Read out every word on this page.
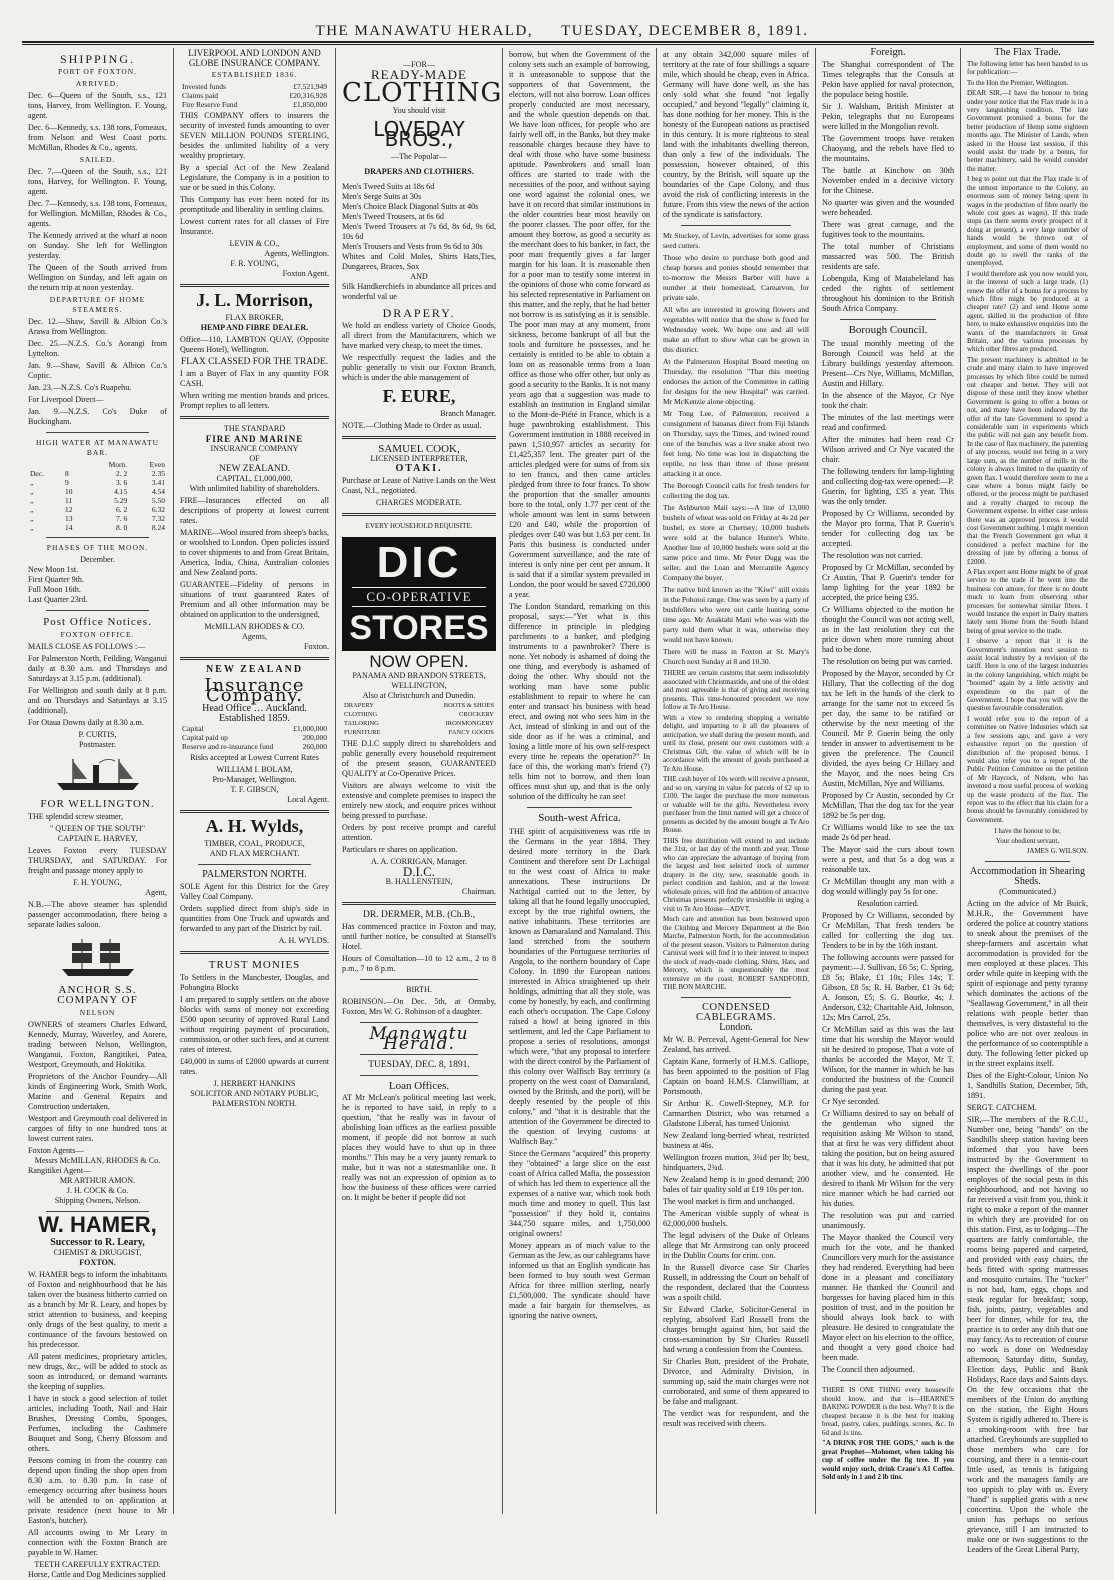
THE MANAWATU HERALD, TUESDAY, DECEMBER 8, 1891.
SHIPPING.
PORT OF FOXTON.
ARRIVED.

Dec. 6—Queen of the South, s.s., 121 tons, Harvey, from Wellington. F. Young, agent.

Dec. 6—Kennedy, s.s. 138 tons, Forneaux, from Nelson and West Coast ports. McMillan, Rhodes & Co., agents.

SAILED.

Dec. 7.—Queen of the South, s.s., 121 tons, Harvey, for Wellington. F. Young, agent.

Dec. 7—Kennedy, s.s. 138 tons, Forneaux, for Wellington. McMillan, Rhodes & Co., agents.

The Kennedy arrived at the wharf at noon on Sunday. She left for Wellington yesterday.

The Queen of the South arrived from Wellington on Sunday, and left again on the return trip at noon yesterday.

DEPARTURE OF HOME STEAMERS.

Dec. 12.—Shaw, Savill & Albion Co.'s Arawa from Wellington.

Dec. 25.—N.Z.S. Co.'s Aorangi from Lyttelton.

Jan. 9.—Shaw, Savill & Albion Co.'s Coptic.

Jan. 23.—N.Z.S. Co's Ruapehu.

For Liverpool Direct—

Jan. 9.—N.Z.S. Co's Duke of Buckingham.

HIGH WATER AT MANAWATU BAR.
		Morn.	Even
Dec.	8	2. 2	2.35
„	9	3. 6	3.41
„	10	4.15	4.54
„	11	5.29	5.50
„	12	6. 2	6.32
„	13	7. 6	7.32
„	14	8. 0	8.24
PHASES OF THE MOON.
December.
New Moon 1st.
First Quarter 9th.
Full Moon 16th.
Last Quarter 23rd.
Post Office Notices.
FOXTON OFFICE.

MAILS CLOSE AS FOLLOWS :—

For Palmerston North, Feilding, Wanganui daily at 8.30 a.m. and Thursdays and Saturdays at 3.15 p.m. (additional).

For Wellington and south daily at 8 p.m. and on Thursdays and Saturdays at 3.15 (additional).

For Otaua Downs daily at 8.30 a.m.

P. CURTIS,
Postmaster.
FOR WELLINGTON.

THE splendid screw steamer,

" QUEEN OF THE SOUTH"
CAPTAIN E. HARVEY,

Leaves Foxton every TUESDAY THURSDAY, and SATURDAY. For freight and passage money apply to

F. H. YOUNG,
Agent,

N.B.—The above steamer has splendid passenger accommodation, there being a separate ladies saloon.

ANCHOR S.S. COMPANY OF
NELSON

OWNERS of steamers Charles Edward, Kennedy, Murray, Waverley, and Aorere, trading between Nelson, Wellington, Wanganui, Foxton, Rangitikei, Patea, Westport, Greymouth, and Hokitika.

Proprietors of the Anchor Foundry—All kinds of Engineering Work, Smith Work, Marine and General Repairs and Construction undertaken.

Westport and Greymouth coal delivered in cargoes of fifty to one hundred tons at lowest current rates.

Foxton Agents—
Messrs McMILLAN, RHODES & Co.
Rangitikei Agent—
MR ARTHUR AMON.
J. H. COCK & Co.
Shipping Owners, Nelson.
W. HAMER,
Successor to R. Leary,
CHEMIST & DRUGGIST,
FOXTON.

W. HAMER begs to inform the inhabitants of Foxton and neighbourhood that he has taken over the business hitherto carried on as a branch by Mr R. Leary, and hopes by strict attention to business, and keeping only drugs of the best quality, to merit a continuance of the favours bestowed on his predecessor.

All patent medicines, proprietary articles, new drugs, &c., will be added to stock as soon as introduced, or demand warrants the keeping of supplies.

I have in stock a good selection of toilet articles, including Tooth, Nail and Hair Brushes, Dressing Combs, Sponges, Perfumes, including the Cashmere Bouquet and Song, Cherry Blossom and others.

Persons coming in from the country can depend upon finding the shop open from 8.30 a.m. to 8.30 p.m. In case of emergency occurring after business hours will be attended to on application at private residence (next house to Mr Easton's, butcher).

All accounts owing to Mr Leary in connection with the Foxton Branch are payable to W. Hamer.

TEETH CAREFULLY EXTRACTED.
Horse, Cattle and Dog Medicines supplied
LIVERPOOL AND LONDON AND GLOBE INSURANCE COMPANY.
ESTABLISHED 1836.
Invested funds	£7,521,949
Claims paid	£20,316,928
Fire Reserve Fund	£1,850,000

THIS COMPANY offers to insurers the security of invested funds amounting to over SEVEN MILLION POUNDS STERLING, besides the unlimited liability of a very wealthy proprietary.

By a special Act of the New Zealand Legislature, the Company is in a position to sue or be sued in this Colony.

This Company has ever been noted for its promptitude and liberality in settling claims.

Lowest current rates for all classes of Fire Insurance.

LEVIN & CO.,
Agents, Wellington.
F. R. YOUNG,
Foxton Agent.
J. L. Morrison,
FLAX BROKER,
HEMP AND FIBRE DEALER.

Office—110, LAMBTON QUAY, (Opposite Queens Hotel), Wellington.

FLAX CLASSED FOR THE TRADE.

I am a Buyer of Flax in any quantity FOR CASH.

When writing me mention brands and prices. Prompt replies to all letters.

THE STANDARD
FIRE AND MARINE
INSURANCE COMPANY
OF
NEW ZEALAND.
CAPITAL, £1,000,000,
With unlimited liability of shareholders.

FIRE—Insurances effected on all descriptions of property at lowest current rates.

MARINE—Wool insured from sheep's backs, or woolshed to London. Open policies issued to cover shipments to and from Great Britain, America, India, China, Australian colonies and New Zealand ports.

GUARANTEE—Fidelity of persons in situations of trust guaranteed Rates of Premium and all other information may be obtained on application to the undersigned,

McMILLAN RHODES & CO.
Agents,
Foxton.
NEW ZEALAND
Insurance Company.
Head Office … Auckland.
Established 1859.
Capital	£1,000,000
Capital paid up	200,000
Reserve and re-insurance fund	260,000

Risks accepted at Lowest Current Rates

WILLIAM I. BOLAM,
Pro-Manager, Wellington.
T. F. GIBSCN,
Local Agent.
A. H. Wylds,
TIMBER, COAL, PRODUCE,
AND FLAX MERCHANT.
PALMERSTON NORTH.

SOLE Agent for this District for the Grey Valley Coal Company.

Orders supplied direct from ship's side in quantities from One Truck and upwards and forwarded to any part of the District by rail.

A. H. WYLDS.
TRUST MONIES

To Settlers in the Manchester, Douglas, and Pohangina Blocks

I am prepared to supply settlers on the above blocks with sums of money not exceeding £500 upon security of approved Rural Land without requiring payment of procuration, commission, or other such fees, and at current rates of interest.

£40,000 in sums of £2000 upwards at current rates.

J. HERBERT HANKINS
SOLICITOR AND NOTARY PUBLIC,
PALMERSTON NORTH.
—FOR—
READY-MADE
CLOTHING
You should visit
LOVEDAY BROS.,
—The Popular—
DRAPERS AND CLOTHIERS.
Men's Tweed Suits at 18s 6d
Men's Serge Suits at 30s
Men's Choice Black Diagonal Suits at 40s
Men's Tweed Trousers, at 6s 6d
Men's Tweed Trousers at 7s 6d, 8s 6d, 9s 6d, 10s 6d
Men's Trousers and Vests from 9s 6d to 30s
Whites and Cold Moles, Shirts Hats,Ties, Dungarees, Braces, Sox
AND
Silk Handkerchiefs in abundance all prices and wonderful val ue
DRAPERY.

We hold an endless variety of Choice Goods, all direct from the Manufacturers, which we have marked very cheap, to meet the times.

We respectfully request the ladies and the public generally to visit our Foxton Branch, which is under the able management of

F. EURE,
Branch Manager.

NOTE.—Clothing Made to Order as usual.

SAMUEL COOK,
LICENSED INTERPRETER,
OTAKI.

Purchase or Lease of Native Lands on the West Coast, N.I., negotiated.

CHARGES MODERATE.
EVERY HOUSEHOLD REQUISITE.
DIC
CO-OPERATIVE
STORES
NOW OPEN.
PANAMA AND BRANDON STREETS,
WELLINGTON,
Also at Christchurch and Dunedin.
DRAPERY	BOOTS & SHOES
CLOTHING	CROCKERY
TAILORING	IRONMONGERY
FURNITURE	FANCY GOODS

THE D.I.C supply direct to shareholders and public generally every household requirement of the present season, GUARANTEED QUALITY at Co-Operative Prices.

Visitors are always welcome to visit the extensive and complete premises to inspect the entirely new stock, and enquire prices without being pressed to purchase.

Orders by post receive prompt and careful attention.

Particulars re shares on application.

A. A. CORRIGAN, Manager.
D.I.C.
B. HALLENSTEIN,
Chairman.
DR. DERMER, M.B. (Ch.B.,

Has commenced practice in Foxton and may, until further notice, be consulted at Stansell's Hotel.

Hours of Consultation—10 to 12 a.m., 2 to 8 p.m., 7 to 8 p.m.

BIRTH.

ROBINSON.—On Dec. 5th, at Ormsby, Foxton, Mrs W. G. Robinson of a daughter.

Manawatu Herald.
TUESDAY, DEC. 8, 1891.
Loan Offices.

AT Mr McLean's political meeting last week, he is reported to have said, in reply to a question, "that he really was in favour of abolishing loan offices as the earliest possible moment, if people did not borrow at such places they would have to shut up in three months." This may be a very jaunty remark to make, but it was not a statesmanlike one. It really was not an expression of opinion as to how the business of these offices were carried on. It might be better if people did not

borrow, but when the Government of the colony sets such an example of borrowing, it is unreasonable to suppose that the supporters of that Government, the electors, will not also borrow. Loan offices properly conducted are most necessary, and the whole question depends on that. We have loan offices, for people who are fairly well off, in the Banks, but they make reasonable charges because they have to deal with those who have some business aptitude. Pawnbrokers and small loan offices are started to trade with the necessities of the poor, and without saying one word against the colonial ones, we have it on record that similar institutions in the older countries bear most heavily on the poorer classes. The poor offer, for the amount they borrow, as good a security as the merchant does to his banker, in fact, the poor man frequently gives a far larger margin for his loan. It is reasonable then for a poor man to testify some interest in the opinions of those who come forward as his selected representative in Parliament on this matter, and the reply, that he had better not borrow is as satisfying as it is sensible. The poor man may at any moment, from sickness, become bankrupt of all but the tools and furniture he possesses, and he certainly is entitled to be able to obtain a loan on as reasonable terms from a loan office as those who offer other, but only as good a security to the Banks. It is not many years ago that a suggestion was made to establish an institution in England similar to the Mont-de-Piété in France, which is a huge pawnbroking establishment. This Government institution in 1888 received in pawn 1,510,957 articles as security for £1,425,357 lent. The greater part of the articles pledged were for sums of from six to ten francs, and then came articles pledged from three to four francs. To show the proportion that the smaller amounts bore to the total, only 1.77 per cent of the whole amount was lent in sums between £20 and £40, while the proportion of pledges over £40 was but 1.63 per cent. In Paris this business is conducted under Government surveillance, and the rate of interest is only nine per cent per annum. It is said that if a similar system prevailed in London, the poor would be saved £720,000 a year.

The London Standard, remarking on this proposal, says:—"Yet what is this difference in principle in pledging parchments to a banker, and pledging instruments to a pawnbroker? There is none. Yet nobody is ashamed of doing the one thing, and everybody is ashamed of doing the other. Why should not the working man have some public establishment to repair to where he can enter and transact his business with head erect, and owing not who sees him in the Act, instead of slinking in and out of the side door as if he was a criminal, and losing a little more of his own self-respect every time he repeats the operation?" In face of this, the working man's friend (?) tells him not to borrow, and then loan offices must shut up, and that is the only solution of the difficulty he can see!

South-west Africa.

THE spirit of acquisitiveness was rife in the Germans in the year 1884. They desired more territory in the Dark Continent and therefore sent Dr Lachtigal to the west coast of Africa to make annexations. These instructions Dr Nachtigal carried out to the letter, by taking all that he found legally unoccupied, except by the true rightful owners, the native inhabitants. These territories are known as Damaraland and Namaland. This land stretched from the southern boundaries of the Portuguese territories of Angola, to the northern boundary of Cape Colony. In 1890 the European nations interested in Africa straightened up their holdings, admitting that all they stole, was come by honestly, by each, and confirming each other's occupation. The Cape Colony raised a howl at being ignored in this settlement, and led the Cape Parliament to propose a series of resolutions, amongst which were, "that any proposal to interfere with the direct control by the Parliament of this colony over Walfisch Bay territory (a property on the west coast of Damaraland, owned by the British, and the port), will be deeply resented by the people of this colony," and "that it is desirable that the attention of the Government be directed to the question of levying customs at Walfisch Bay."

Since the Germans "acquired" this property they "obtained" a large slice on the east coast of Africa called Mafia, the possession of which has led them to experience all the expenses of a native war, which took both much time and money to quell. This last "possession" if they hold it, contains 344,750 square miles, and 1,750,000 original owners!

Money appears as of much value to the German as the Jew, as our cablegrams have informed us that an English syndicate has been formed to buy south west German Africa for three million sterling, nearly £1,500,000. The syndicate should have made a fair bargain for themselves, as ignoring the native owners,

at any obtain 342,000 square miles of territory at the rate of four shillings a square mile, which should be cheap, even in Africa. Germany will have done well, as she has only sold what she found "not legally occupied," and beyond "legally" claiming it, has done nothing for her money. This is the honesty of the European nations as practised in this century. It is more righteous to steal land with the inhabitants dwelling thereon, than only a few of the individuals. The possession, however obtained, of this country, by the British, will square up the boundaries of the Cape Colony, and thus avoid the risk of conflicting interests in the future. From this view the news of the action of the syndicate is satisfactory.

Mr Stuckey, of Levin, advertises for some grass seed cutters.

Those who desire to purchase both good and cheap horses and ponies should remember that to-morrow the Messrs Barber will have a number at their homestead, Carnarvon, for private sale.

All who are interested in growing flowers and vegetables will notice that the show is fixed for Wednesday week. We hope one and all will make an effort to show what can be grown in this district.

At the Palmerston Hospital Board meeting on Thursday, the resolution "That this meeting endorses the action of the Committee in calling for designs for the new Hospital" was carried. Mr McKenzie alone objecting.

Mr Tong Lee, of Palmerston, received a consignment of bananas direct from Fiji Islands on Thursday, says the Times, and twined round one of the bunches was a live snake about two feet long. No time was lost in dispatching the reptile, no less than three of those present attacking it at once.

The Borough Council calls for fresh tenders for collecting the dog tax.

The Ashburton Mail says:—A line of 13,000 bushels of wheat was sold on Friday at 4s 2d per bushel, ex store at Chertsey; 10,000 bushels were sold at the balance Hunter's White. Another line of 10,000 bushels were sold at the same price and time. Mr Peter Dugg was the seller, and the Loan and Mercantile Agency Company the buyer.

The native bird known as the "Kiwi" still exists in the Pohotoi range. One was seen by a party of bushfellers who were out cattle hunting some time ago. Mr Anaktahi Mani who was with the party told them what it was, otherwise they would not have known.

There will be mass in Foxton at St. Mary's Church next Sunday at 8 and 10.30.

THERE are certain customs that seem indissolubly associated with Christmastide, and one of the oldest and most agreeable is that of giving and receiving presents. This time-honoured precedent we now follow at Te Aro House.

With a view to rendering shopping a veritable delight, and imparting to it all the pleasures of anticipation, we shall during the present month, and until its close, present our own customers with a Christmas Gift, the value of which will be in accordance with the amount of goods purchased at Te Aro House.

THE cash buyer of 10s worth will receive a present, and so on, varying in value for parcels of £2 up to £100. The larger the purchase the more numerous or valuable will be the gifts. Nevertheless every purchaser from the limit named will get a choice of presents as decided by the amount bought at Te Aro House.

THIS free distribution will extend to and include the 31st, or last day of the month and year. Those who can appreciate the advantage of buying from the largest and best selected stock of summer drapery in the city, new, seasonable goods in perfect condition and fashion, and at the lowest wholesale prices, will find the addition of attractive Christmas presents perfectly irresistible in urging a visit to Te Aro House—ADVT.

Much care and attention has been bestowed upon the Clothing and Mercery Department at the Bon Marche, Palmerston North, for the accommodation of the present season. Visitors to Palmerston during Carnival week will find it to their interest to inspect the stock of ready-made clothing, Shirts, Hats, and Mercery, which is unquestionably the most extensive on the coast. ROBERT SANDFORD, THE BON MARCHE.

CONDENSED CABLEGRAMS.
London.

Mr W. B. Perceval, Agent-General for New Zealand, has arrived.

Captain Kane, formerly of H.M.S. Calliope, has been appointed to the position of Flag Captain on board H.M.S. Clanwilliam, at Portsmouth.

Sir Arthur K. Cowell-Stepney, M.P. for Carmarthen District, who was returned a Gladstone Liberal, has turned Unionist.

New Zealand long-berried wheat, restricted business at 46s.

Wellington frozen mutton, 3¾d per lb; best, hindquarters, 2¾d.

New Zealand hemp is in good demand; 200 bales of fair quality sold at £19 10s per ton.

The wool market is firm and unchanged.

The American visible supply of wheat is 62,000,000 bushels.

The legal advisers of the Duke of Orleans allege that Mr Armstrong can only proceed in the Dublin Courts for crim. con.

In the Russell divorce case Sir Charles Russell, in addressing the Court on behalf of the respondent, declared that the Countess was a spoilt child.

Sir Edward Clarke, Solicitor-General in replying, absolved Earl Russell from the charges brought against him, but said the cross-examination by Sir Charles Russell had wrung a confession from the Countess.

Sir Charles Butt, president of the Probate, Divorce, and Admiralty Division, in summing up, said the main charges were not corroborated, and some of them appeared to be false and malignant.

The verdict was for respondent, and the result was received with cheers.

Foreign.

The Shanghai correspondent of The Times telegraphs that the Consuls at Pekin have applied for naval protection, the populace being hostile.

Sir J. Walsham, British Minister at Pekin, telegraphs that no Europeans were killed in the Mongolian revolt.

The Government troops have retaken Chaoyang, and the rebels have fled to the mountains.

The battle at Kinchow on 30th November ended in a decisive victory for the Chinese.

No quarter was given and the wounded were beheaded.

There was great carnage, and the fugitives took to the mountains.

The total number of Christians massacred was 500. The British residents are safe.

Lobengula, King of Matabeleland has ceded the rights of settlement throughout his dominion to the British South Africa Company.

Borough Council.

The usual monthly meeting of the Borough Council was held at the Library buildings yesterday afternoon. Present—Crs Nye, Williams, McMillan, Austin and Hillary.

In the absence of the Mayor, Cr Nye took the chair.

The minutes of the last meetings were read and confirmed.

After the minutes had been read Cr Wilson arrived and Cr Nye vacated the chair.

The following tenders for lamp-lighting and collecting dog-tax were opened:—P. Guerin, for lighting, £35 a year. This was the only tender.

Proposed by Cr Williams, seconded by the Mayor pro forma, That P. Guerin's tender for collecting dog tax be accepted.

The resolution was not carried.

Proposed by Cr McMillan, seconded by Cr Austin, That P. Guerin's tender for lamp lighting for the year 1892 be accepted, the price being £35.

Cr Williams objected to the motion he thought the Council was not acting well, as in the last resolution they cut the price down when more running about had to be done.

The resolution on being put was carried.

Proposed by the Mayor, seconded by Cr Hillary, That the collecting of the dog tax be left in the hands of the clerk to arrange for the same not to exceed 5s per day, the same to be ratified or otherwise by the next meeting of the Council. Mr P. Guerin being the only tender in answer to advertisement to be given the preference. The Council divided, the ayes being Cr Hillary and the Mayor, and the noes being Crs Austin, McMillan, Nye and Williams.

Proposed by Cr Austin, seconded by Cr McMillan, That the dog tax for the year 1892 be 5s per dog.

Cr Williams would like to see the tax made 2s 6d per head.

The Mayor said the curs about town were a pest, and that 5s a dog was a reasonable tax.

Cr McMillan thought any man with a dog would willingly pay 5s for one.

Resolution carried.

Proposed by Cr Williams, seconded by Cr McMillan, That fresh tenders be called for collecting the dog tax. Tenders to be in by the 16th instant.

The following accounts were passed for payment:—J. Sullivan, £6 5s; C. Spring, £8 5s; Blake, £1 10s; Files 14s; T. Gibson, £8 5s; R. H. Barber, £1 3s 6d; A. Jonson, £5; S. G. Bourke, 4s; J. Anderson, £32; Charitable Aid, Johnson, 12s; Mrs Carrol, 25s.

Cr McMillan said as this was the last time that his worship the Mayor would sit he desired to propose, That a vote of thanks be accorded the Mayor, Mr T. Wilson, for the manner in which he has conducted the business of the Council during the past year.

Cr Nye seconded.

Cr Williams desired to say on behalf of the gentleman who signed the requisition asking Mr Wilson to stand, that at first he was very diffident about taking the position, but on being assured that it was his duty, he admitted that put another view, and he consented. He desired to thank Mr Wilson for the very nice manner which he had carried out his duties.

The resolution was put and carried unanimously.

The Mayor thanked the Council very much for the vote, and he thanked Councillors very much for the assistance they had rendered. Everything had been done in a pleasant and conciliatory manner. He thanked the Council and burgesses for having placed him in this position of trust, and in the position he should always look back to with pleasure. He desired to congratulate the Mayor elect on his election to the office, and thought a very good choice had been made.

The Council then adjourned.

THERE IS ONE THING every housewife should know, and that is—HEARNE'S BAKING POWDER is the best. Why? It is the cheapest because it is the best for making bread, pastry, cakes, puddings, scones, &c. In 6d and 1s tins.

"A DRINK FOR THE GODS," such is the great Prophet—Mohomet, when taking his cup of coffee under the fig tree. If you would enjoy such, drink Crane's A1 Coffee. Sold only in 1 and 2 lb tins.

The Flax Trade.

The following letter has been handed to us for publication:—

To the Hon the Premier, Wellington.

DEAR SIR,—I have the honour to bring under your notice that the Flax trade is in a very languishing condition. The late Government promised a bonus for the better production of Hemp some eighteen months ago. The Minister of Lands, when asked in the House last session, if this would assist the trade by a bonus, for better machinery, said he would consider the matter.

I beg to point out that the Flax trade is of the utmost importance to the Colony, an enormous sum of money being spent in wages in the production of fibre nearly the whole cost goes as wages). If this trade stops (as there seems every prospect of it doing at present), a very large number of hands would be thrown out of employment, and some of them would no doubt go to swell the ranks of the unemployed.

I would therefore ask you now would you, in the interest of such a large trade, (1) renew the offer of a bonus for a process by which fibre might be produced at a cheaper rate? (2) and send Home some agent, skilled in the production of fibre here, to make exhaustive enquiries into the wants of the manufacturers in Great Britain, and the various processes by which other fibres are produced.

The present machinery is admitted to be crude and many claim to have improved processes by which fibre could be turned out cheaper and better. They will not dispose of these until they know whether Government is going to offer a bonus or not, and many have been induced by the offer of the late Government to spend a considerable sum in experiments which the public will not gain any benefit from. In the case of flax machinery, the patenting of any process, would not bring in a very large sum, as the number of mills in the colony is always limited to the quantity of green flax. I would therefore seem to me a case where a bonus might fairly be offered, or the process might be purchased and a royalty charged to recoup the Government expense. In either case unless there was an approved process it would cost Government nothing. I might mention that the French Government got what it considered a perfect machine for the dressing of jute by offering a bonus of £2000.

A Flax expert sent Home might be of great service to the trade if he went into the business con amore, for there is no doubt much to learn from observing other processes for somewhat similar fibres. I would instance the expert in Dairy matters lately sent Home from the South Island being of great service to the trade.

I observe a report that it is the Government's intention next session to assist local industry by a revision of the tariff. Here is one of the largest industries in the colony languishing, which might be "boomed" again by a little activity and expenditure on the part of the Government. I hope that you will give the question favourable consideration.

I would refer you to the report of a committee on Native Industries which sat a few sessions ago, and gave a very exhaustive report on the question of distribution of the proposed bonus. I would also refer you to a report of the Public Petition Committee on the petition of Mr Haycock, of Nelson, who has invented a most useful process of working up the waste products of the flax. The report was to the effect that his claim for a bonus should be favourably considered by Government.

I have the honour to be,
Your obedient servant,
JAMES G. WILSON.
Accommodation in Shearing Sheds.
(Communicated.)

Acting on the advice of Mr Buick, M.H.R., the Government have ordered the police at country stations to sneak about the premises of the sheep-farmers and ascertain what accommodation is provided for the men employed at these places. This order while quite in keeping with the spirit of espionage and petty tyranny which dominates the actions of the "Seallawag Government," in all their relations with people better than themselves, is very distasteful to the police who are not over zealous in the performance of so contemptible a duty. The following letter picked up in the street explains itself.

Dies of the Eight-Colour, Union No 1, Sandhills Station, December, 5th, 1891.

SERGT. CATCHEM.

SIR,—The members of the R.C.U., Number one, being "hands" on the Sandhills sheep station having been informed that you have been instructed by the Government to inspect the dwellings of the poor employes of the social pests in this neighbourhood, and not having so far received a visit from you, think it right to make a report of the manner in which they are provided for on this station. First, as to lodging—The quarters are fairly comfortable, the rooms being papered and carpeted, and provided with easy chairs, the beds fitted with spring mattresses and mosquito curtains. The "tucker" is not bad, ham, eggs, chops and steak regular for breakfast; soup, fish, joints, pastry, vegetables and beer for dinner, while for tea, the practice is to order any dish that one may fancy. As to recreation of course no work is done on Wednesday afternoon, Saturday ditto, Sunday, Election days, Public and Bank Holidays, Race days and Saints days. On the few occasions that the members of the Union do anything on the station, the Eight Hours System is rigidly adhered to. There is a smoking-room with free bar attached. Greyhounds are supplied to those members who care for coursing, and there is a tennis-court little used, as tennis is fatiguing work and the managers family are too uppish to play with us. Every "hand" is supplied gratis with a new concertina. Upon the whole the union has perhaps no serious grievance, still I am instructed to make one or two suggestions to the Leaders of the Great Liberal Party,
